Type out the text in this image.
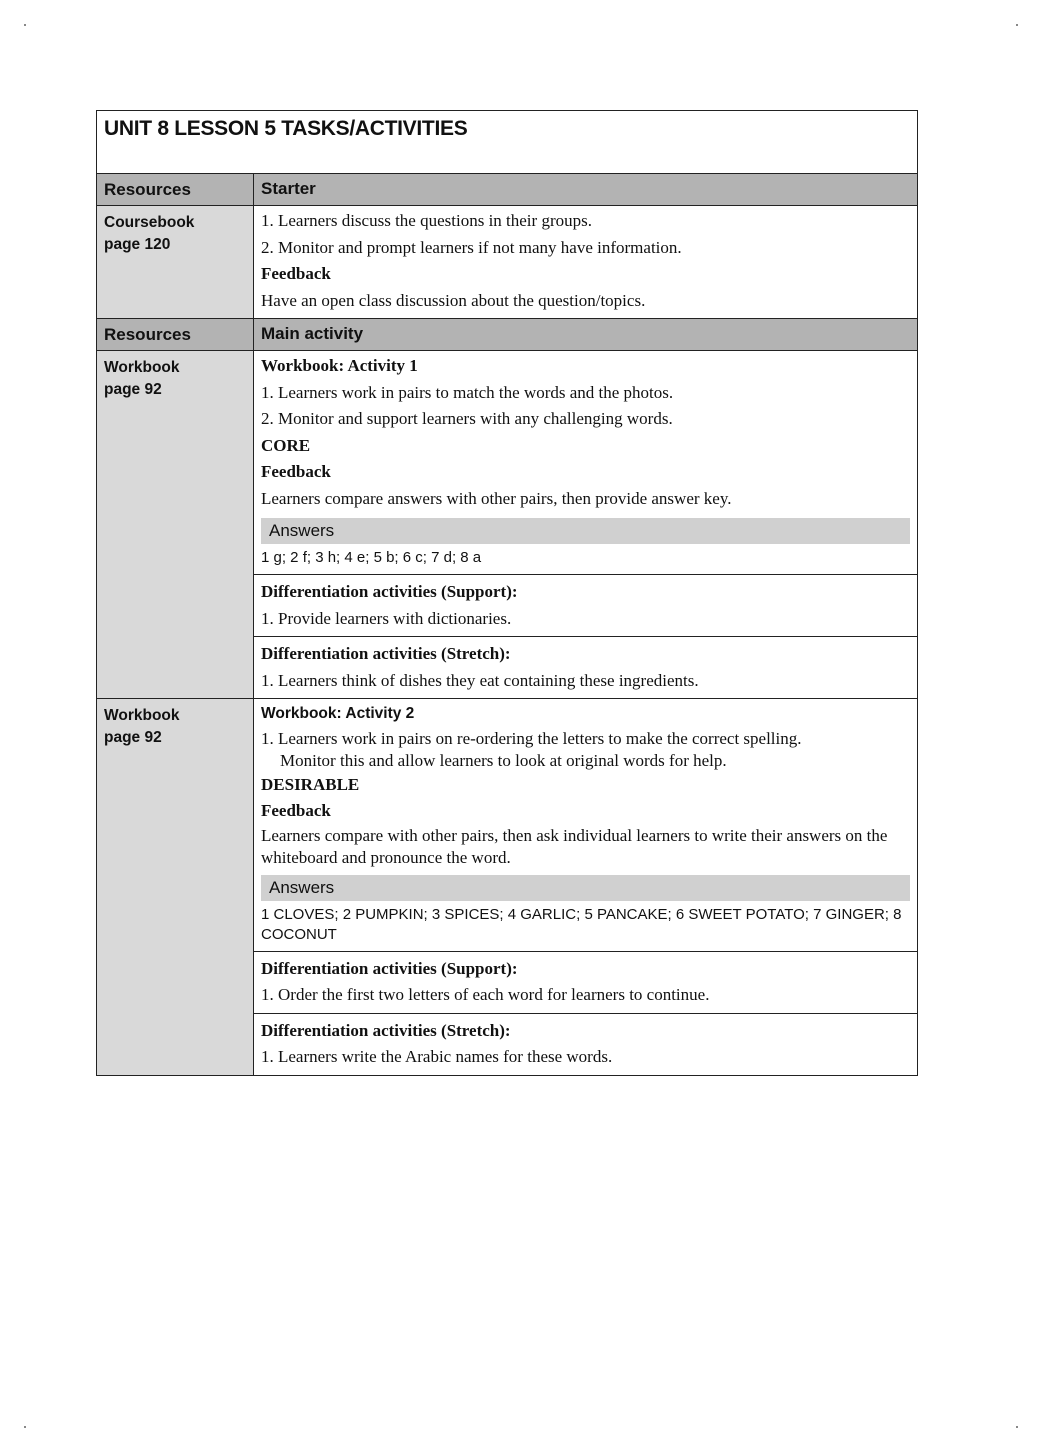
UNIT 8 LESSON 5 TASKS/ACTIVITIES
Resources	Starter
Coursebook
page 120
1. Learners discuss the questions in their groups.
2. Monitor and prompt learners if not many have information.
Feedback
Have an open class discussion about the question/topics.
Resources	Main activity
Workbook
page 92
Workbook: Activity 1
1. Learners work in pairs to match the words and the photos.
2. Monitor and support learners with any challenging words.
CORE
Feedback
Learners compare answers with other pairs, then provide answer key.
Answers
1 g; 2 f; 3 h; 4 e; 5 b; 6 c; 7 d; 8 a
Differentiation activities (Support):
1. Provide learners with dictionaries.
Differentiation activities (Stretch):
1. Learners think of dishes they eat containing these ingredients.
Workbook
page 92
Workbook: Activity 2
1. Learners work in pairs on re-ordering the letters to make the correct spelling.
Monitor this and allow learners to look at original words for help.
DESIRABLE
Feedback
Learners compare with other pairs, then ask individual learners to write their answers on the whiteboard and pronounce the word.
Answers
1 CLOVES; 2 PUMPKIN; 3 SPICES; 4 GARLIC; 5 PANCAKE; 6 SWEET POTATO; 7 GINGER; 8 COCONUT
Differentiation activities (Support):
1. Order the first two letters of each word for learners to continue.
Differentiation activities (Stretch):
1. Learners write the Arabic names for these words.
